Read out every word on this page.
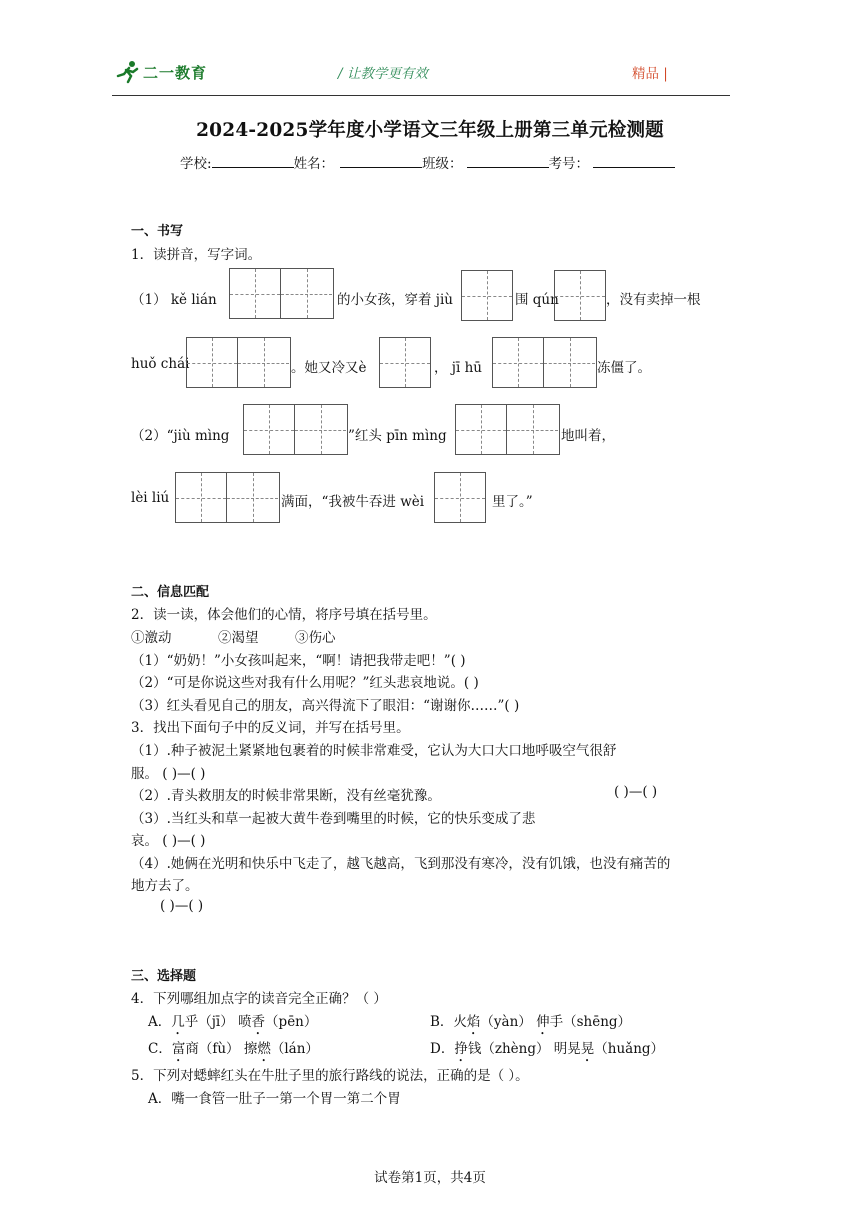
二一教育	/ 让教学更有效	精品 |
2024-2025学年度小学语文三年级上册第三单元检测题
学校:	姓名：	班级：	考号：
一、书写
1．读拼音，写字词。
（1） kě lián	的小女孩，穿着 jiù	围 qún	，没有卖掉一根
huǒ chái	。她又冷又è	， jī hū	冻僵了。
（2）“jiù mìng	”红头 pīn mìng	地叫着，
lèi liú	满面，“我被牛吞进 wèi	里了。”
二、信息匹配
2．读一读，体会他们的心情，将序号填在括号里。
①激动	②渴望	③伤心
（1）“奶奶！”小女孩叫起来，“啊！请把我带走吧！”( )
（2）“可是你说这些对我有什么用呢？”红头悲哀地说。( )
（3）红头看见自己的朋友，高兴得流下了眼泪：“谢谢你……”( )
3．找出下面句子中的反义词，并写在括号里。
（1）.种子被泥土紧紧地包裹着的时候非常难受，它认为大口大口地呼吸空气很舒
服。 ( )—( )
（2）.青头救朋友的时候非常果断，没有丝毫犹豫。	( )—( )
（3）.当红头和草一起被大黄牛卷到嘴里的时候，它的快乐变成了悲
哀。 ( )—( )
（4）.她俩在光明和快乐中飞走了，越飞越高，飞到那没有寒冷，没有饥饿，也没有痛苦的
地方去了。
( )—( )
三、选择题
4．下列哪组加点字的读音完全正确？（ ）
A．几乎（jī） 喷香（pēn）	B．火焰（yàn） 伸手（shēng）
C．富商（fù） 擦燃（lán）	D．挣钱（zhèng） 明晃晃（huǎng）
5．下列对蟋蟀红头在牛肚子里的旅行路线的说法，正确的是（ ）。
A．嘴一食管一肚子一第一个胃一第二个胃
试卷第1页，共4页
